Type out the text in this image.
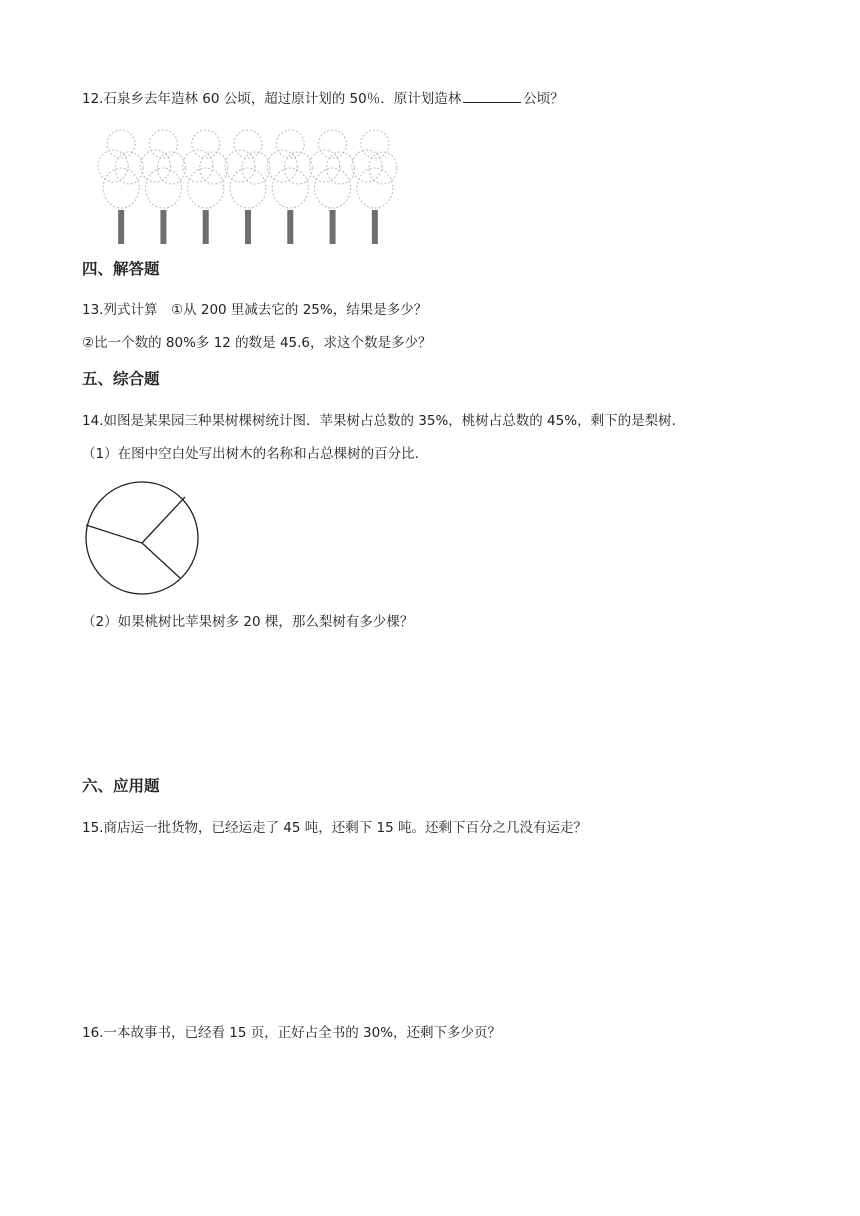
12.石泉乡去年造林 60 公顷，超过原计划的 50％．原计划造林	公顷？
四、解答题
13.列式计算　①从 200 里减去它的 25%，结果是多少？
②比一个数的 80%多 12 的数是 45.6，求这个数是多少？
五、综合题
14.如图是某果园三种果树棵树统计图．苹果树占总数的 35%，桃树占总数的 45%，剩下的是梨树．
（1）在图中空白处写出树木的名称和占总棵树的百分比．
（2）如果桃树比苹果树多 20 棵，那么梨树有多少棵？
六、应用题
15.商店运一批货物，已经运走了 45 吨，还剩下 15 吨。还剩下百分之几没有运走？
16.一本故事书，已经看 15 页，正好占全书的 30%，还剩下多少页？
